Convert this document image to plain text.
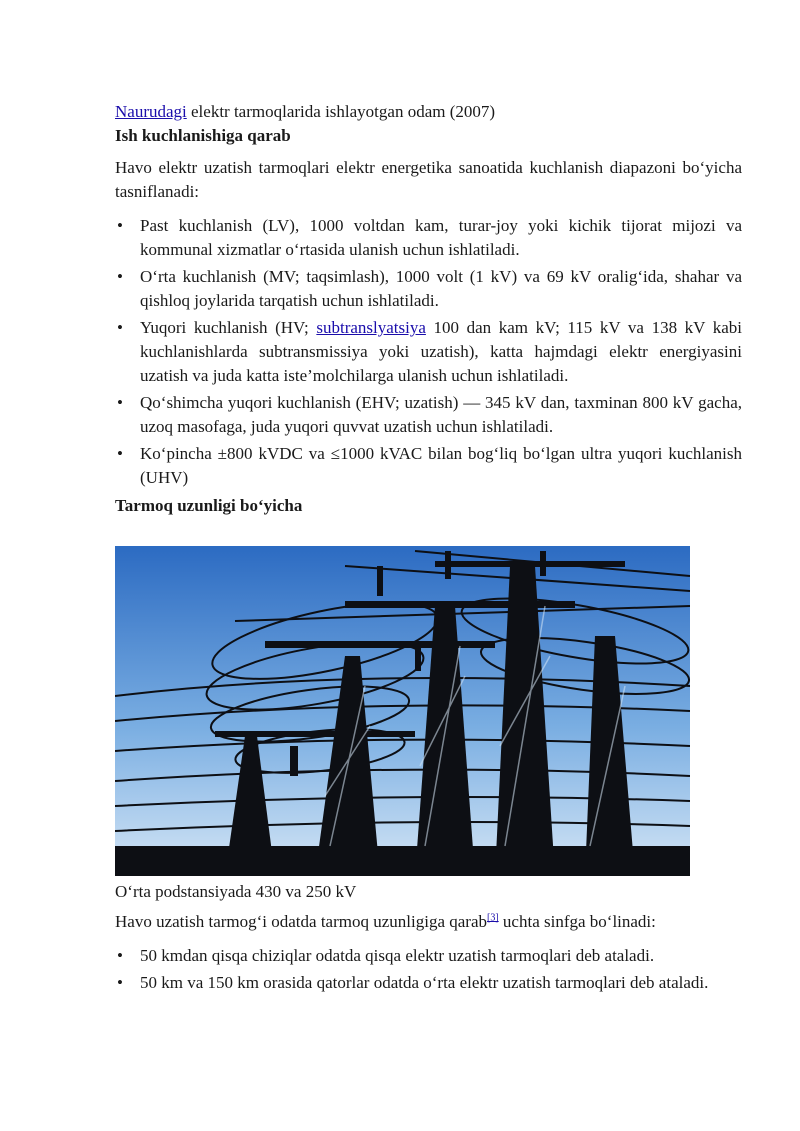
Naurudagi elektr tarmoqlarida ishlayotgan odam (2007)
Ish kuchlanishiga qarab

Havo elektr uzatish tarmoqlari elektr energetika sanoatida kuchlanish diapazoni bo‘yicha tasniflanadi:

• Past kuchlanish (LV), 1000 voltdan kam, turar-joy yoki kichik tijorat mijozi va kommunal xizmatlar o‘rtasida ulanish uchun ishlatiladi.
• O‘rta kuchlanish (MV; taqsimlash), 1000 volt (1 kV) va 69 kV oralig‘ida, shahar va qishloq joylarida tarqatish uchun ishlatiladi.
• Yuqori kuchlanish (HV; subtranslyatsiya 100 dan kam kV; 115 kV va 138 kV kabi kuchlanishlarda subtransmissiya yoki uzatish), katta hajmdagi elektr energiyasini uzatish va juda katta iste’molchilarga ulanish uchun ishlatiladi.
• Qo‘shimcha yuqori kuchlanish (EHV; uzatish) — 345 kV dan, taxminan 800 kV gacha, uzoq masofaga, juda yuqori quvvat uzatish uchun ishlatiladi.
• Ko‘pincha ±800 kVDC va ≤1000 kVAC bilan bog‘liq bo‘lgan ultra yuqori kuchlanish (UHV)
Tarmoq uzunligi bo‘yicha
O‘rta podstansiyada 430 va 250 kV

Havo uzatish tarmog‘i odatda tarmoq uzunligiga qarab[3] uchta sinfga bo‘linadi:

• 50 kmdan qisqa chiziqlar odatda qisqa elektr uzatish tarmoqlari deb ataladi.
• 50 km va 150 km orasida qatorlar odatda o‘rta elektr uzatish tarmoqlari deb ataladi.
